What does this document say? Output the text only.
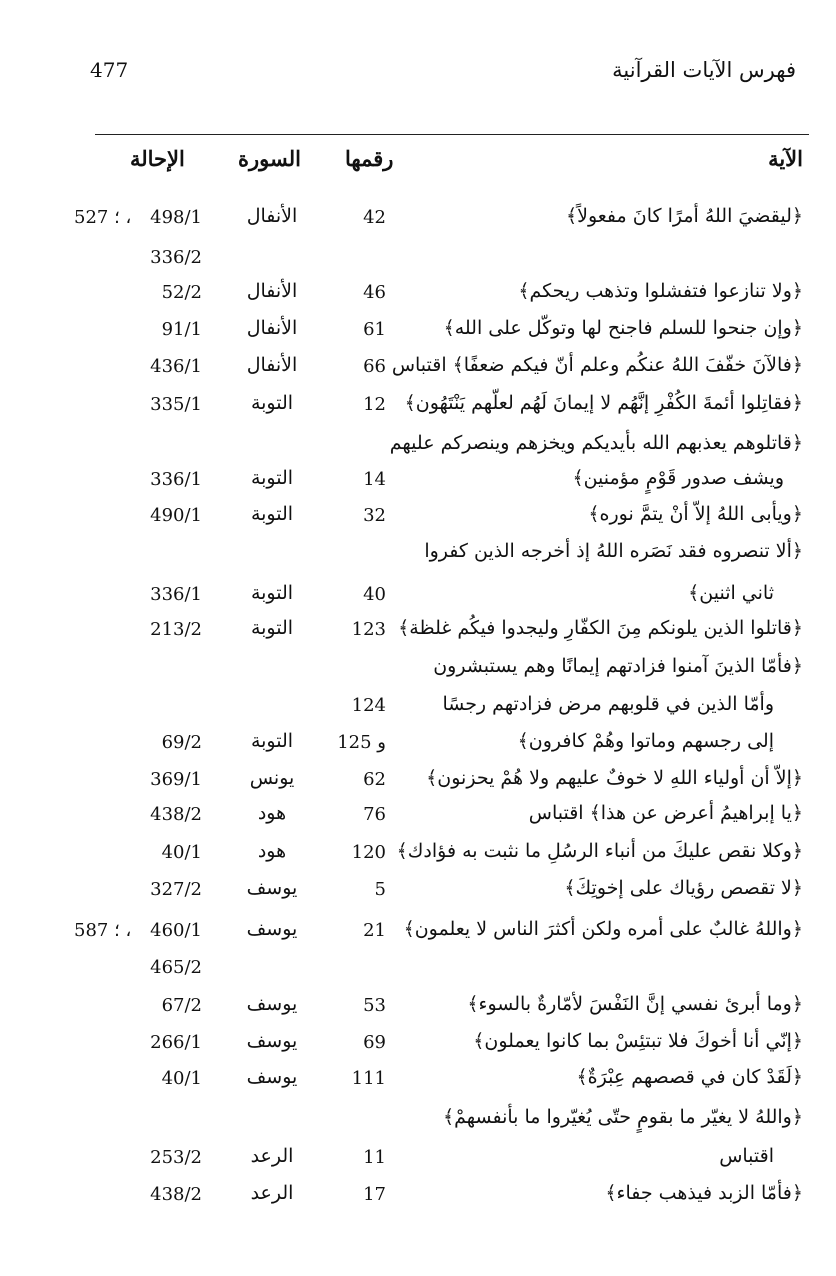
477	فهرس الآيات القرآنية
الآية
رقمها
السورة
الإحالة
﴿ليقضيَ اللهُ أمرًا كانَ مفعولاً﴾
42
الأنفال
498/1
527 ؛ ،
336/2
﴿ولا تنازعوا فتفشلوا وتذهب ريحكم﴾
46
الأنفال
52/2
﴿وإن جنحوا للسلم فاجنح لها وتوكّل على الله﴾
61
الأنفال
91/1
﴿فالآنَ خفّفَ اللهُ عنكُم وعلم أنّ فيكم ضعفًا﴾ اقتباس
66
الأنفال
436/1
﴿فقاتِلوا أئمةَ الكُفْرِ إنَّهُم لا إيمانَ لَهُم لعلّهم يَنْتَهُون﴾
12
التوبة
335/1
﴿قاتلوهم يعذبهم الله بأيديكم ويخزهم وينصركم عليهم
ويشف صدور قَوْمٍ مؤمنين﴾
14
التوبة
336/1
﴿ويأبى اللهُ إلاّ أنْ يتمَّ نوره﴾
32
التوبة
490/1
﴿ألا تنصروه فقد نَصَره اللهُ إذ أخرجه الذين كفروا
ثاني اثنين﴾
40
التوبة
336/1
﴿قاتلوا الذين يلونكم مِنَ الكفّارِ وليجدوا فيكُم غلظة﴾
123
التوبة
213/2
﴿فأمّا الذينَ آمنوا فزادتهم إيمانًا وهم يستبشرون
وأمّا الذين في قلوبهم مرض فزادتهم رجسًا
124
إلى رجسهم وماتوا وهُمْ كافرون﴾
و 125
التوبة
69/2
﴿إلاّ أن أولياء اللهِ لا خوفٌ عليهم ولا هُمْ يحزنون﴾
62
يونس
369/1
﴿يا إبراهيمُ أعرض عن هذا﴾ اقتباس
76
هود
438/2
﴿وكلا نقص عليكَ من أنباء الرسُلِ ما نثبت به فؤادك﴾
120
هود
40/1
﴿لا تقصص رؤياك على إخوتِكَ﴾
5
يوسف
327/2
﴿واللهُ غالبٌ على أمره ولكن أكثرَ الناس لا يعلمون﴾
21
يوسف
460/1
587 ؛ ،
465/2
﴿وما أبرئ نفسي إنَّ النَفْسَ لأمّارةٌ بالسوء﴾
53
يوسف
67/2
﴿إنّي أنا أخوكَ فلا تبتئِسْ بما كانوا يعملون﴾
69
يوسف
266/1
﴿لَقَدْ كان في قصصهم عِبْرَةٌ﴾
111
يوسف
40/1
﴿واللهُ لا يغيّر ما بقومٍ حتّى يُغيّروا ما بأنفسهمْ﴾
اقتباس
11
الرعد
253/2
﴿فأمّا الزبد فيذهب جفاء﴾
17
الرعد
438/2
